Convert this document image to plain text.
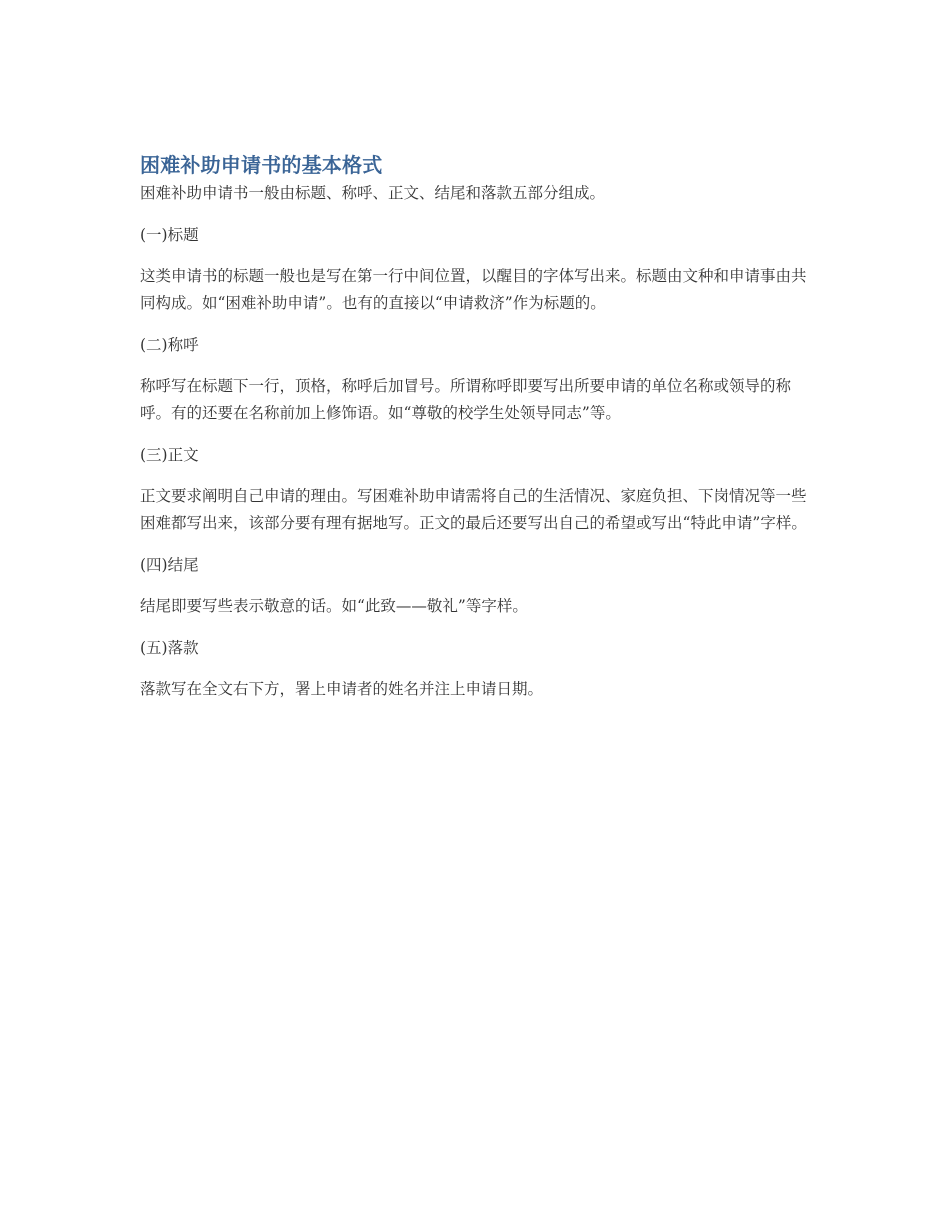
困难补助申请书的基本格式

困难补助申请书一般由标题、称呼、正文、结尾和落款五部分组成。

(一)标题

这类申请书的标题一般也是写在第一行中间位置，以醒目的字体写出来。标题由文种和申请事由共同构成。如“困难补助申请”。也有的直接以“申请救济”作为标题的。

(二)称呼

称呼写在标题下一行，顶格，称呼后加冒号。所谓称呼即要写出所要申请的单位名称或领导的称呼。有的还要在名称前加上修饰语。如“尊敬的校学生处领导同志”等。

(三)正文

正文要求阐明自己申请的理由。写困难补助申请需将自己的生活情况、家庭负担、下岗情况等一些困难都写出来，该部分要有理有据地写。正文的最后还要写出自己的希望或写出“特此申请”字样。

(四)结尾

结尾即要写些表示敬意的话。如“此致——敬礼”等字样。

(五)落款

落款写在全文右下方，署上申请者的姓名并注上申请日期。
